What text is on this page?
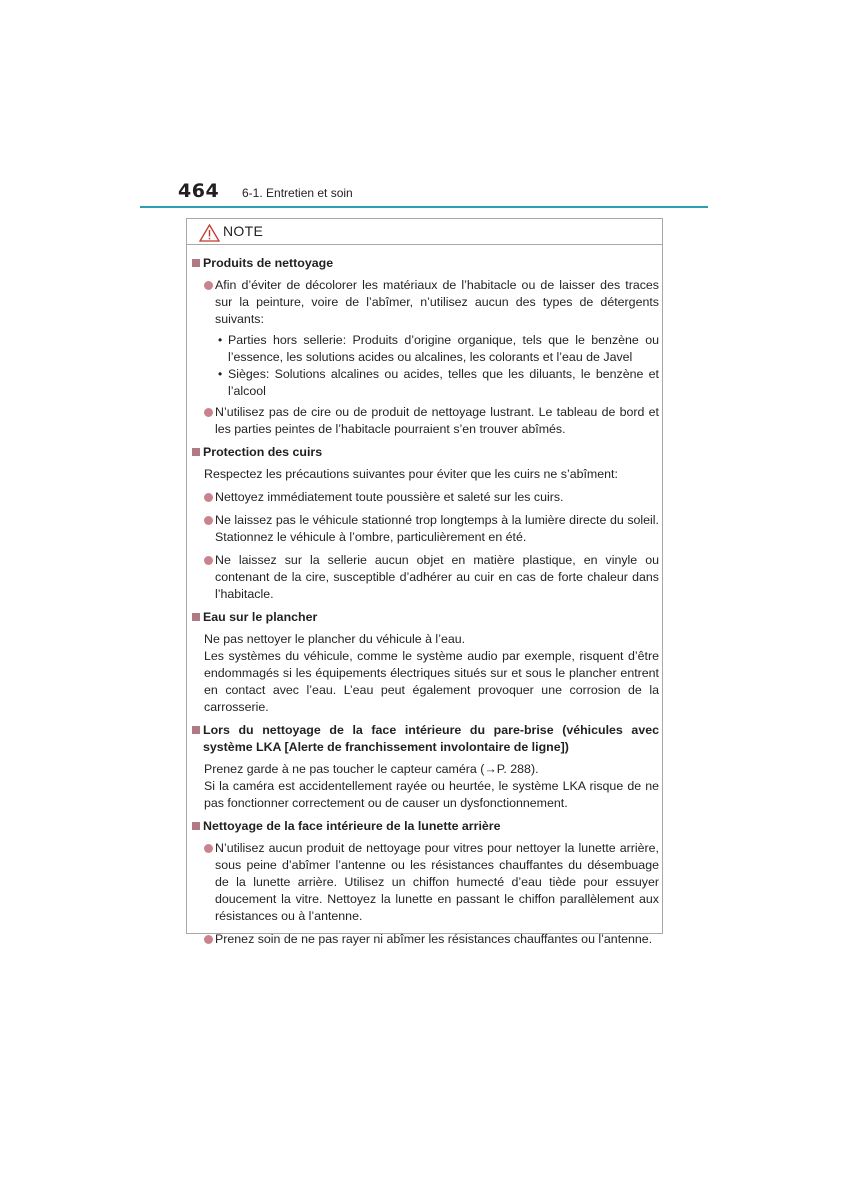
464 6-1. Entretien et soin
NOTE
Produits de nettoyage
Afin d’éviter de décolorer les matériaux de l’habitacle ou de laisser des traces sur la peinture, voire de l’abîmer, n’utilisez aucun des types de détergents suivants:
• Parties hors sellerie: Produits d’origine organique, tels que le benzène ou l’essence, les solutions acides ou alcalines, les colorants et l’eau de Javel
• Sièges: Solutions alcalines ou acides, telles que les diluants, le benzène et l’alcool
N’utilisez pas de cire ou de produit de nettoyage lustrant. Le tableau de bord et les parties peintes de l’habitacle pourraient s’en trouver abîmés.
Protection des cuirs
Respectez les précautions suivantes pour éviter que les cuirs ne s’abîment:
Nettoyez immédiatement toute poussière et saleté sur les cuirs.
Ne laissez pas le véhicule stationné trop longtemps à la lumière directe du soleil. Stationnez le véhicule à l’ombre, particulièrement en été.
Ne laissez sur la sellerie aucun objet en matière plastique, en vinyle ou contenant de la cire, susceptible d’adhérer au cuir en cas de forte chaleur dans l’habitacle.
Eau sur le plancher
Ne pas nettoyer le plancher du véhicule à l’eau.
Les systèmes du véhicule, comme le système audio par exemple, risquent d’être endommagés si les équipements électriques situés sur et sous le plancher entrent en contact avec l’eau. L’eau peut également provoquer une corrosion de la carrosserie.
Lors du nettoyage de la face intérieure du pare-brise (véhicules avec système LKA [Alerte de franchissement involontaire de ligne])
Prenez garde à ne pas toucher le capteur caméra (→P. 288).
Si la caméra est accidentellement rayée ou heurtée, le système LKA risque de ne pas fonctionner correctement ou de causer un dysfonctionnement.
Nettoyage de la face intérieure de la lunette arrière
N’utilisez aucun produit de nettoyage pour vitres pour nettoyer la lunette arrière, sous peine d’abîmer l’antenne ou les résistances chauffantes du désembuage de la lunette arrière. Utilisez un chiffon humecté d’eau tiède pour essuyer doucement la vitre. Nettoyez la lunette en passant le chiffon parallèlement aux résistances ou à l’antenne.
Prenez soin de ne pas rayer ni abîmer les résistances chauffantes ou l’antenne.
